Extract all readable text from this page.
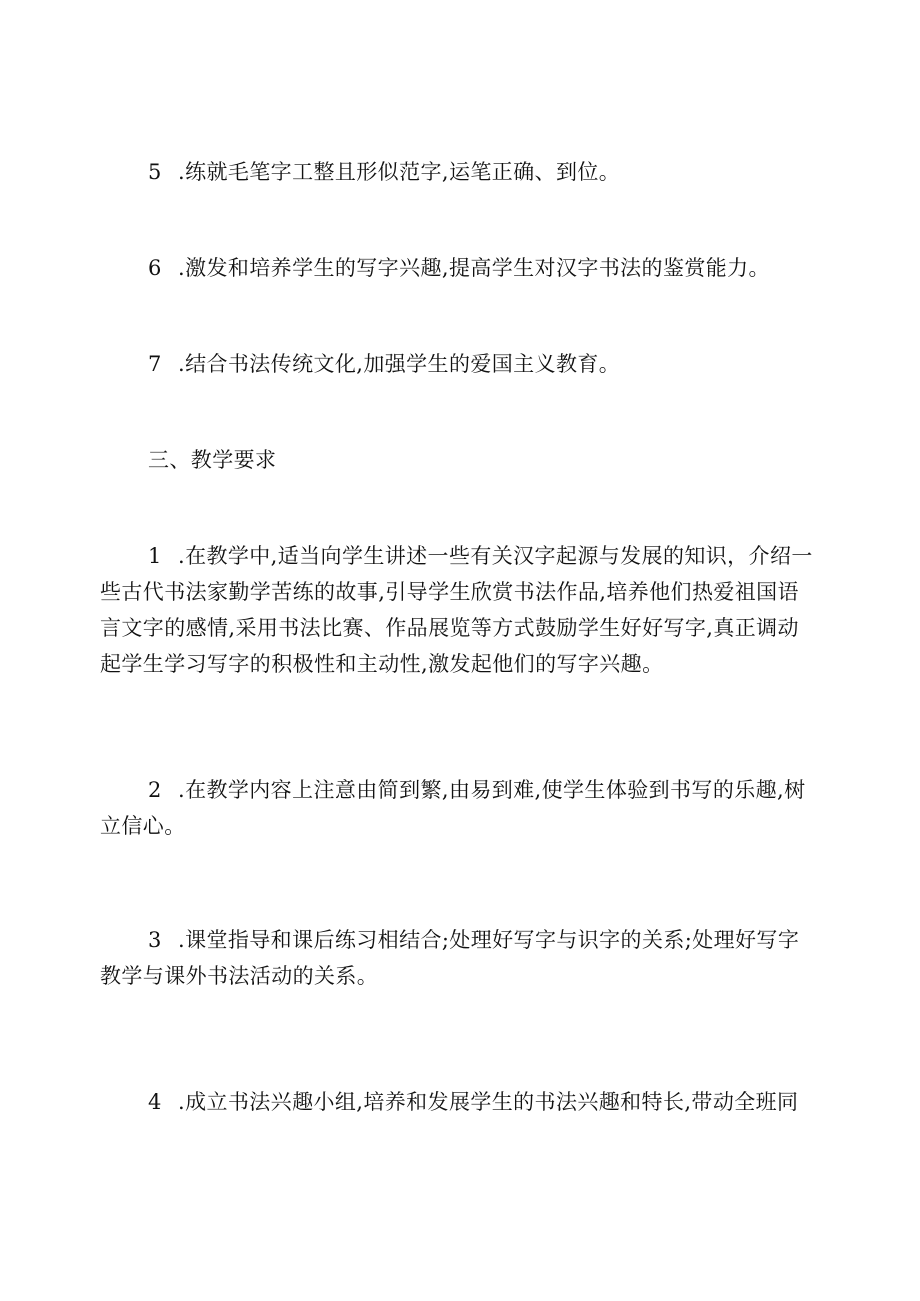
5 .练就毛笔字工整且形似范字,运笔正确、到位。

6 .激发和培养学生的写字兴趣,提高学生对汉字书法的鉴赏能力。

7 .结合书法传统文化,加强学生的爱国主义教育。

三、教学要求

1 .在教学中,适当向学生讲述一些有关汉字起源与发展的知识，介绍一
些古代书法家勤学苦练的故事,引导学生欣赏书法作品,培养他们热爱祖国语
言文字的感情,采用书法比赛、作品展览等方式鼓励学生好好写字,真正调动
起学生学习写字的积极性和主动性,激发起他们的写字兴趣。
2 .在教学内容上注意由简到繁,由易到难,使学生体验到书写的乐趣,树
立信心。
3 .课堂指导和课后练习相结合;处理好写字与识字的关系;处理好写字
教学与课外书法活动的关系。
4 .成立书法兴趣小组,培养和发展学生的书法兴趣和特长,带动全班同
